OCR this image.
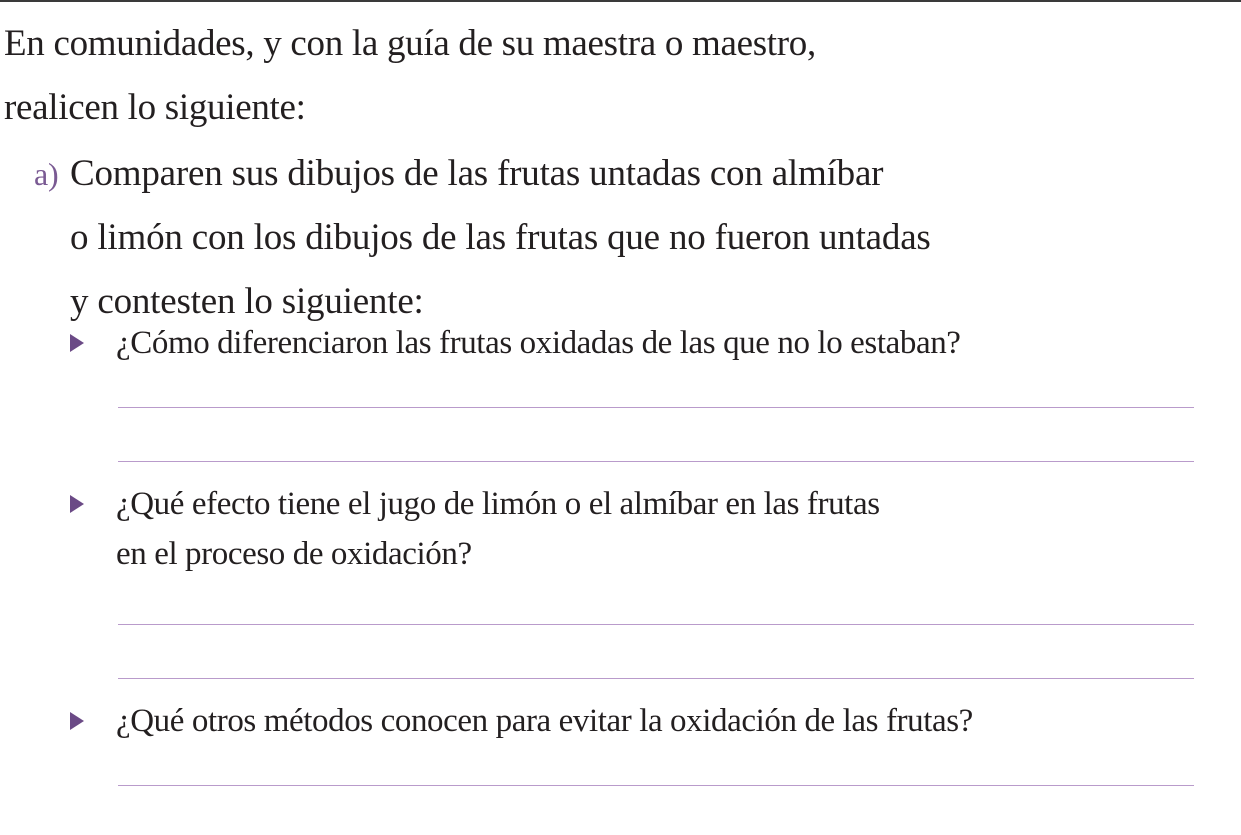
En comunidades, y con la guía de su maestra o maestro,
realicen lo siguiente:
a) Comparen sus dibujos de las frutas untadas con almíbar
o limón con los dibujos de las frutas que no fueron untadas
y contesten lo siguiente:
¿Cómo diferenciaron las frutas oxidadas de las que no lo estaban?
¿Qué efecto tiene el jugo de limón o el almíbar en las frutas
en el proceso de oxidación?
¿Qué otros métodos conocen para evitar la oxidación de las frutas?
